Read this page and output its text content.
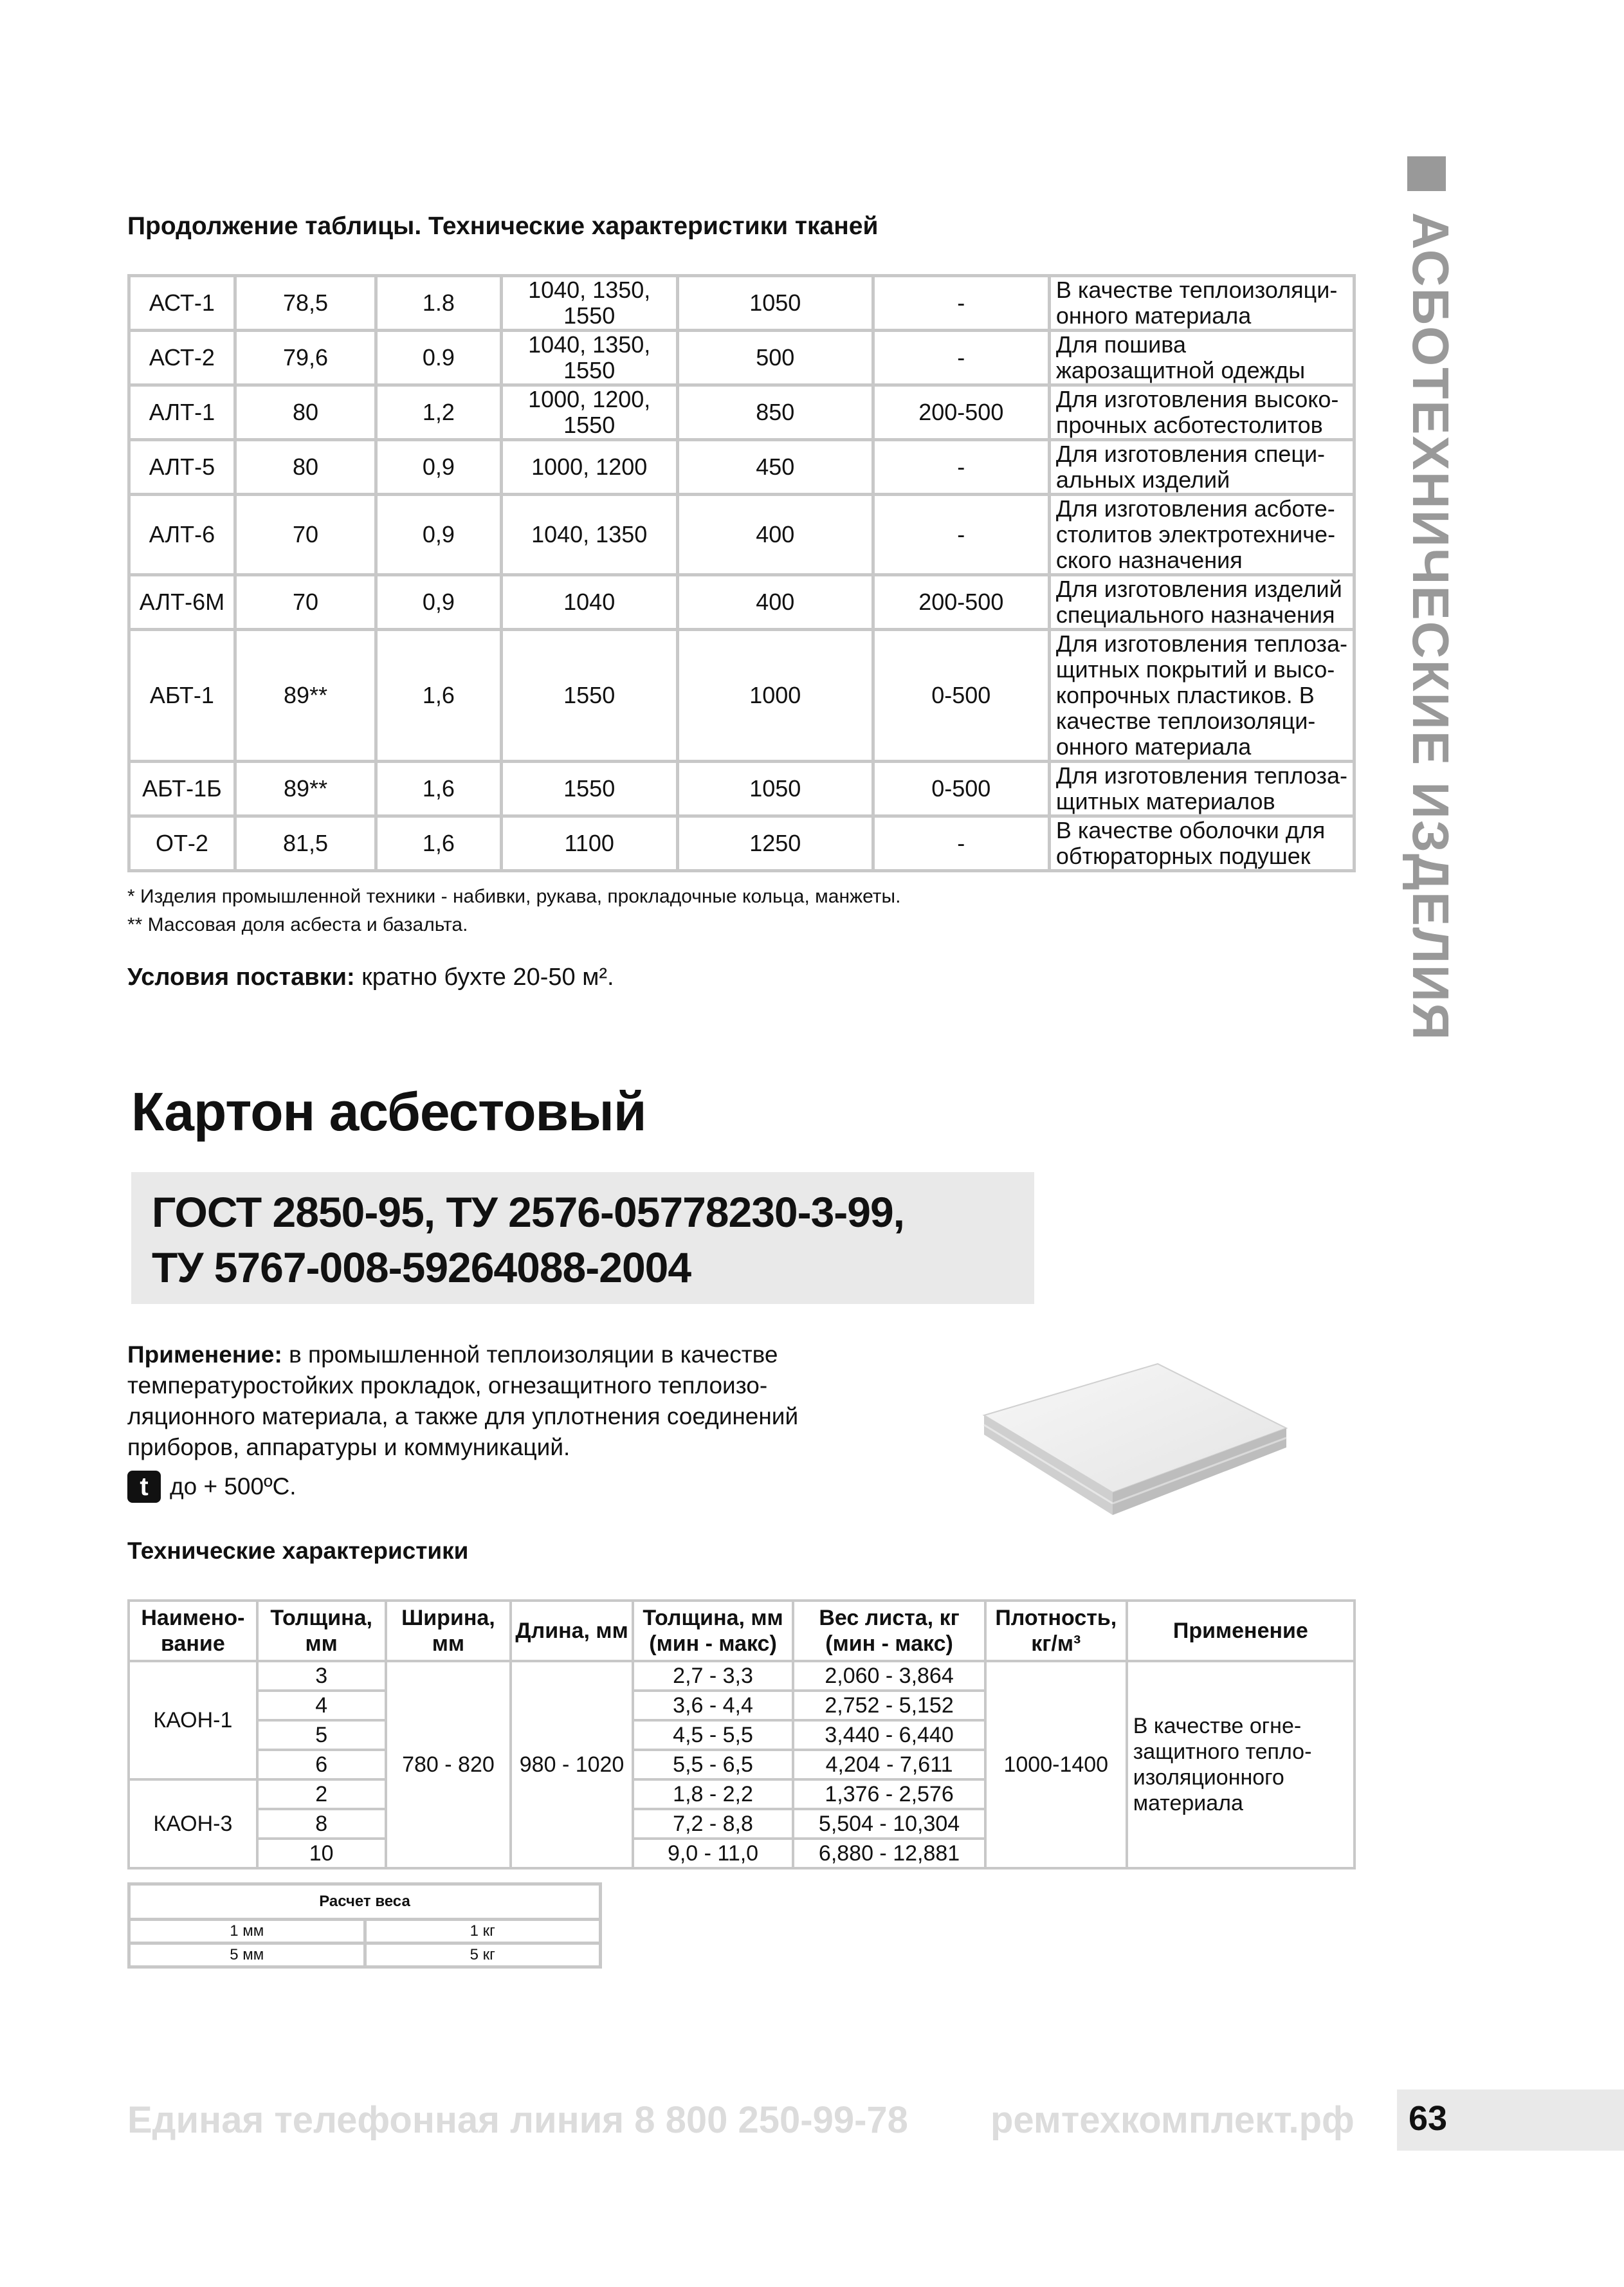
Продолжение таблицы. Технические характеристики тканей
АСТ-1	78,5	1.8	1040, 1350, 1550	1050	-	В качестве теплоизоляци-онного материала
АСТ-2	79,6	0.9	1040, 1350, 1550	500	-	Для пошива жарозащитной одежды
АЛТ-1	80	1,2	1000, 1200, 1550	850	200-500	Для изготовления высоко-прочных асботестолитов
АЛТ-5	80	0,9	1000, 1200	450	-	Для изготовления специ-альных изделий
АЛТ-6	70	0,9	1040, 1350	400	-	Для изготовления асботе-столитов электротехниче-ского назначения
АЛТ-6М	70	0,9	1040	400	200-500	Для изготовления изделий специального назначения
АБТ-1	89**	1,6	1550	1000	0-500	Для изготовления теплоза-щитных покрытий и высо-копрочных пластиков. В качестве теплоизоляци-онного материала
АБТ-1Б	89**	1,6	1550	1050	0-500	Для изготовления теплоза-щитных материалов
ОТ-2	81,5	1,6	1100	1250	-	В качестве оболочки для обтюраторных подушек
* Изделия промышленной техники - набивки, рукава, прокладочные кольца, манжеты.
** Массовая доля асбеста и базальта.
Условия поставки: кратно бухте 20-50 м².
Картон асбестовый
ГОСТ 2850-95, ТУ 2576-05778230-3-99,
ТУ 5767-008-59264088-2004
Применение: в промышленной теплоизоляции в качестве температуростойких прокладок, огнезащитного теплоизо-ляционного материала, а также для уплотнения соединений приборов, аппаратуры и коммуникаций.
t до + 500ºС.
Технические характеристики
Наимено-вание	Толщина, мм	Ширина, мм	Длина, мм	Толщина, мм (мин - макс)	Вес листа, кг (мин - макс)	Плотность, кг/м³	Применение
КАОН-1	3	780 - 820	980 - 1020	2,7 - 3,3	2,060 - 3,864	1000-1400	В качестве огне-защитного тепло-изоляционного материала
	4			3,6 - 4,4	2,752 - 5,152		
	5			4,5 - 5,5	3,440 - 6,440		
	6			5,5 - 6,5	4,204 - 7,611		
КАОН-3	2			1,8 - 2,2	1,376 - 2,576		
	8			7,2 - 8,8	5,504 - 10,304		
	10			9,0 - 11,0	6,880 - 12,881		
Расчет веса	
1 мм	1 кг
5 мм	5 кг
АСБОТЕХНИЧЕСКИЕ ИЗДЕЛИЯ
Единая телефонная линия 8 800 250-99-78 ремтехкомплект.рф 63
